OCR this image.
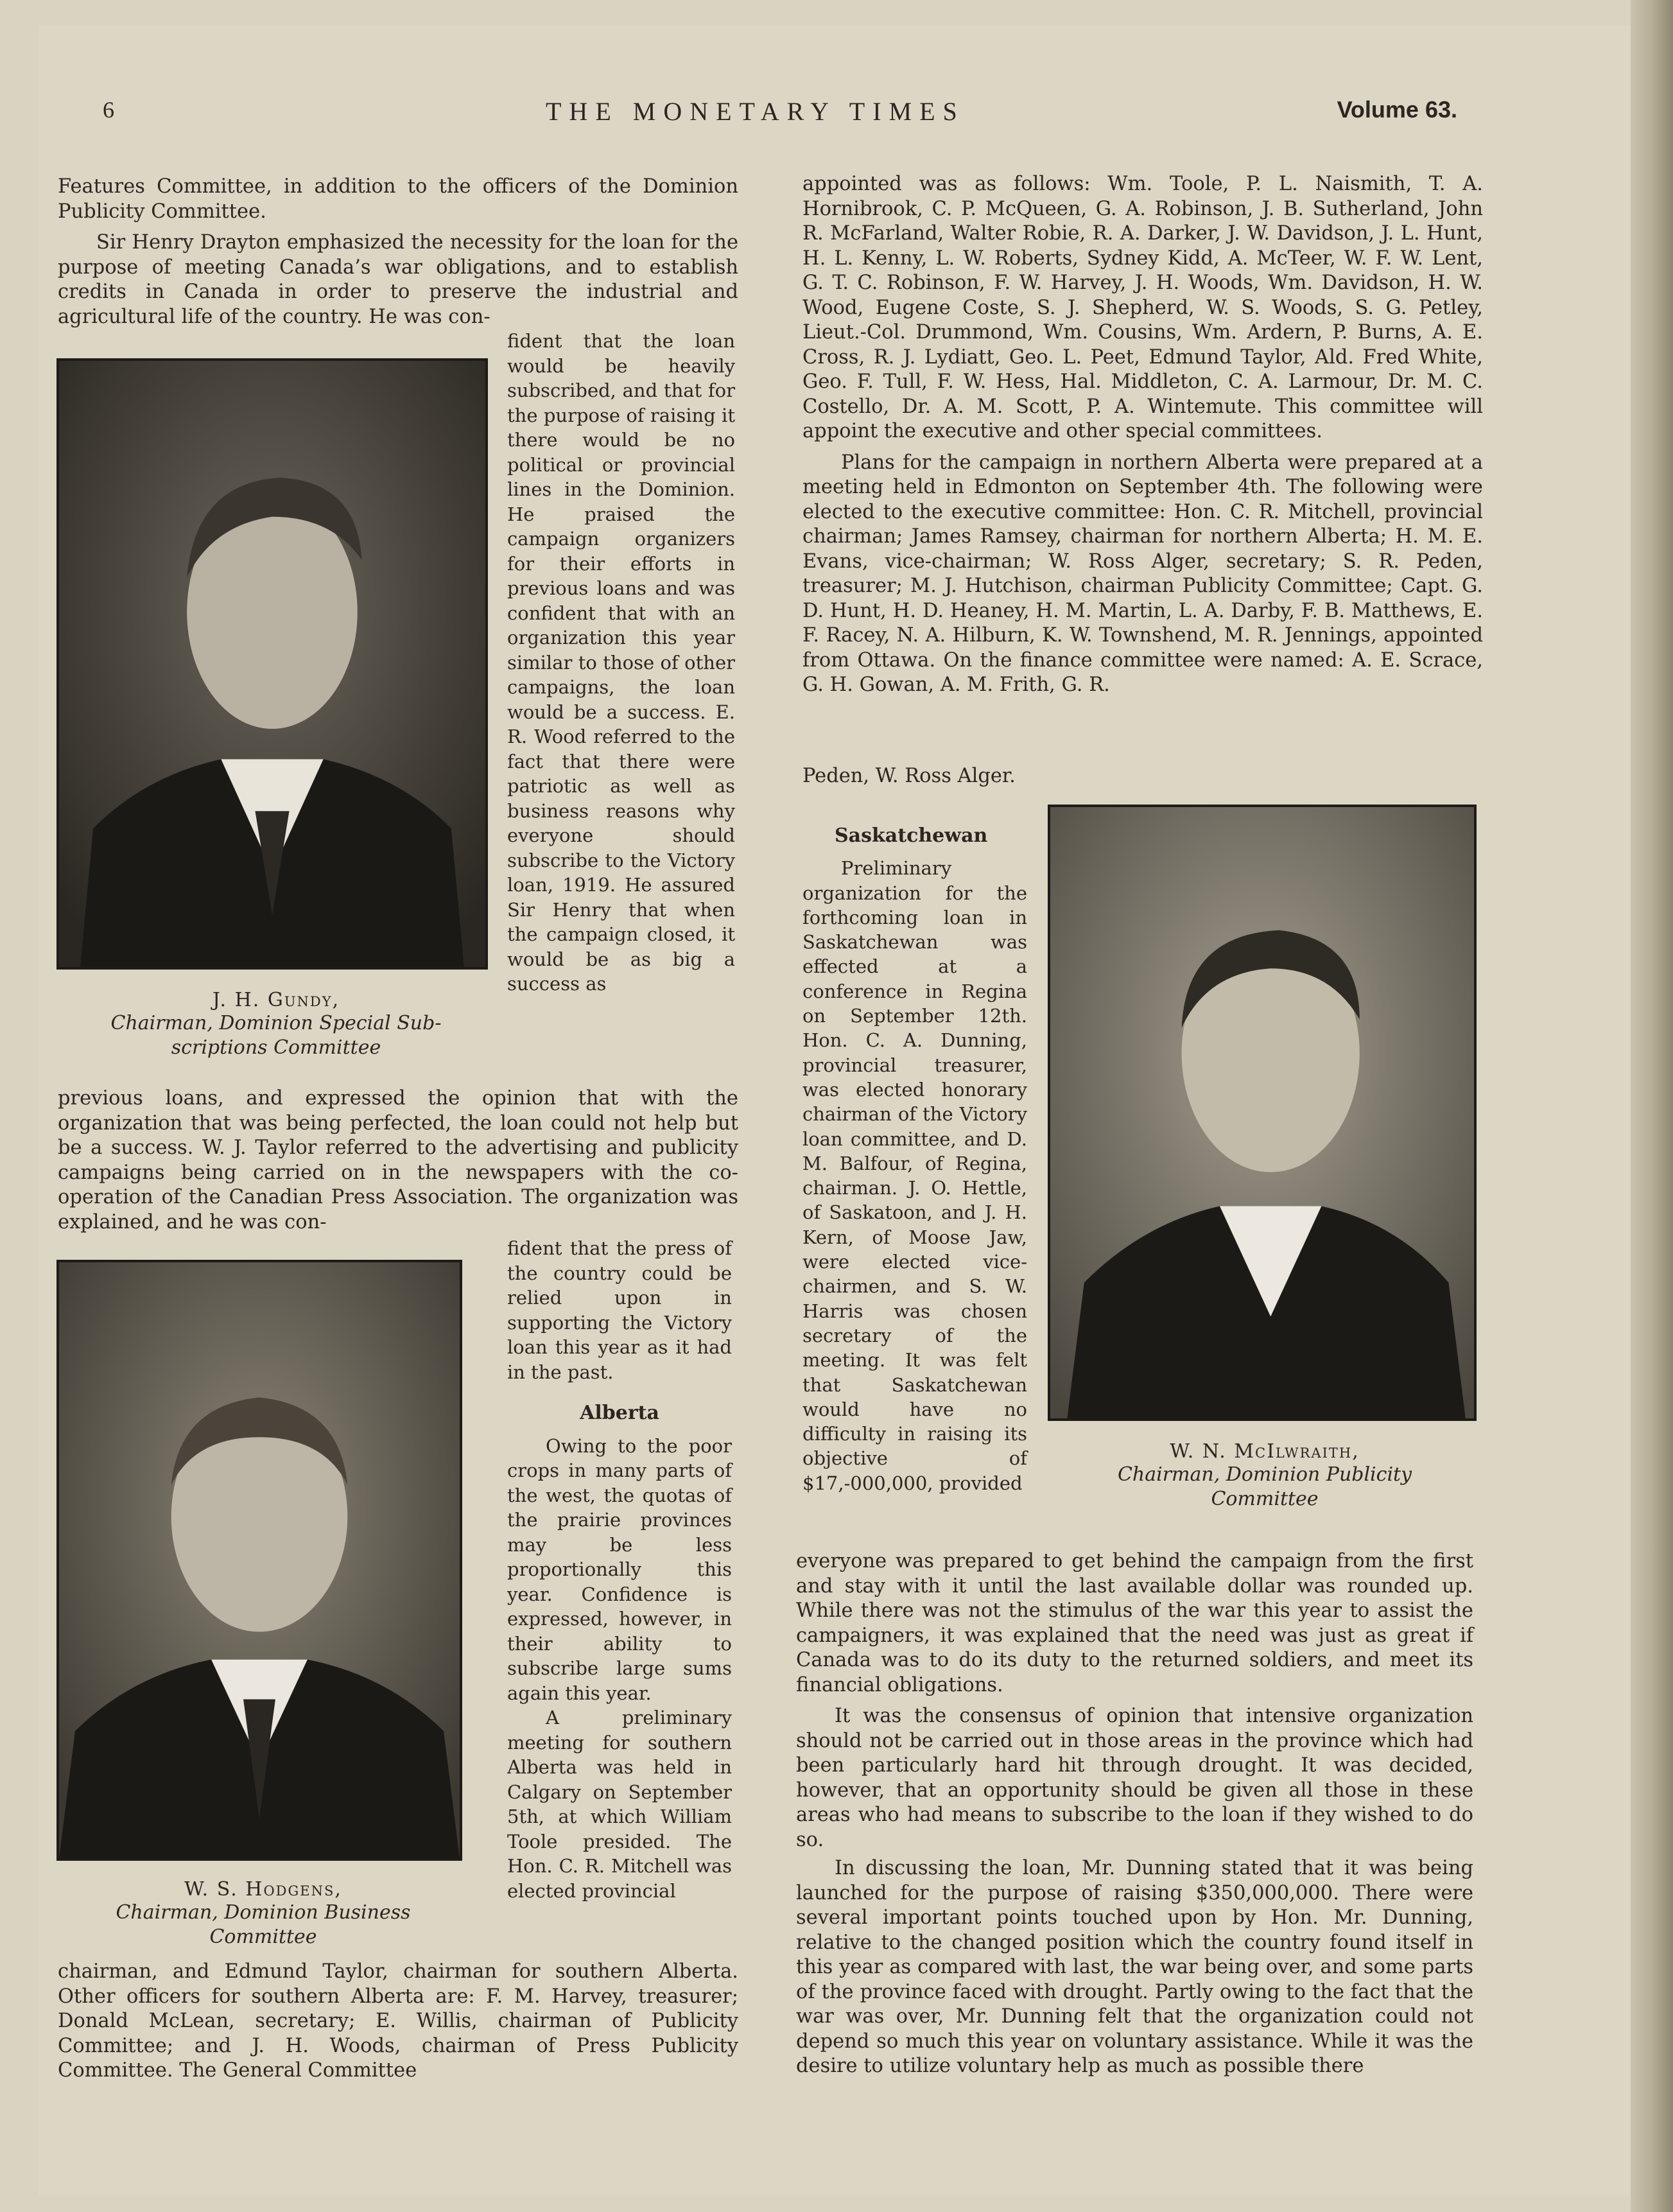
6	THE MONETARY TIMES	Volume 63.

Features Committee, in addition to the officers of the Dominion Publicity Committee.

Sir Henry Drayton emphasized the necessity for the loan for the purpose of meeting Canada’s war obligations, and to establish credits in Canada in order to preserve the industrial and agricultural life of the country. He was con-

J. H. Gundy,
Chairman, Dominion Special Sub-scriptions Committee

fident that the loan would be heavily subscribed, and that for the purpose of raising it there would be no political or provincial lines in the Dominion. He praised the campaign organizers for their efforts in previous loans and was confident that with an organization this year similar to those of other campaigns, the loan would be a success. E. R. Wood referred to the fact that there were patriotic as well as business reasons why everyone should subscribe to the Victory loan, 1919. He assured Sir Henry that when the campaign closed, it would be as big a success as

previous loans, and expressed the opinion that with the organization that was being perfected, the loan could not help but be a success. W. J. Taylor referred to the advertising and publicity campaigns being carried on in the newspapers with the co-operation of the Canadian Press Association. The organization was explained, and he was con-

W. S. Hodgens,
Chairman, Dominion Business Committee

fident that the press of the country could be relied upon in supporting the Victory loan this year as it had in the past.

Alberta

Owing to the poor crops in many parts of the west, the quotas of the prairie provinces may be less proportionally this year. Confidence is expressed, however, in their ability to subscribe large sums again this year.

A preliminary meeting for southern Alberta was held in Calgary on September 5th, at which William Toole presided. The Hon. C. R. Mitchell was elected provincial

chairman, and Edmund Taylor, chairman for southern Alberta. Other officers for southern Alberta are: F. M. Harvey, treasurer; Donald McLean, secretary; E. Willis, chairman of Publicity Committee; and J. H. Woods, chairman of Press Publicity Committee. The General Committee

appointed was as follows: Wm. Toole, P. L. Naismith, T. A. Hornibrook, C. P. McQueen, G. A. Robinson, J. B. Sutherland, John R. McFarland, Walter Robie, R. A. Darker, J. W. Davidson, J. L. Hunt, H. L. Kenny, L. W. Roberts, Sydney Kidd, A. McTeer, W. F. W. Lent, G. T. C. Robinson, F. W. Harvey, J. H. Woods, Wm. Davidson, H. W. Wood, Eugene Coste, S. J. Shepherd, W. S. Woods, S. G. Petley, Lieut.-Col. Drummond, Wm. Cousins, Wm. Ardern, P. Burns, A. E. Cross, R. J. Lydiatt, Geo. L. Peet, Edmund Taylor, Ald. Fred White, Geo. F. Tull, F. W. Hess, Hal. Middleton, C. A. Larmour, Dr. M. C. Costello, Dr. A. M. Scott, P. A. Wintemute. This committee will appoint the executive and other special committees.

Plans for the campaign in northern Alberta were prepared at a meeting held in Edmonton on September 4th. The following were elected to the executive committee: Hon. C. R. Mitchell, provincial chairman; James Ramsey, chairman for northern Alberta; H. M. E. Evans, vice-chairman; W. Ross Alger, secretary; S. R. Peden, treasurer; M. J. Hutchison, chairman Publicity Committee; Capt. G. D. Hunt, H. D. Heaney, H. M. Martin, L. A. Darby, F. B. Matthews, E. F. Racey, N. A. Hilburn, K. W. Townshend, M. R. Jennings, appointed from Ottawa. On the finance committee were named: A. E. Scrace, G. H. Gowan, A. M. Frith, G. R.

Peden, W. Ross Alger.

W. N. McIlwraith,
Chairman, Dominion Publicity Committee

Saskatchewan

Preliminary organization for the forthcoming loan in Saskatchewan was effected at a conference in Regina on September 12th. Hon. C. A. Dunning, provincial treasurer, was elected honorary chairman of the Victory loan committee, and D. M. Balfour, of Regina, chairman. J. O. Hettle, of Saskatoon, and J. H. Kern, of Moose Jaw, were elected vice-chairmen, and S. W. Harris was chosen secretary of the meeting. It was felt that Saskatchewan would have no difficulty in raising its objective of $17,-000,000, provided

everyone was prepared to get behind the campaign from the first and stay with it until the last available dollar was rounded up. While there was not the stimulus of the war this year to assist the campaigners, it was explained that the need was just as great if Canada was to do its duty to the returned soldiers, and meet its financial obligations.

It was the consensus of opinion that intensive organization should not be carried out in those areas in the province which had been particularly hard hit through drought. It was decided, however, that an opportunity should be given all those in these areas who had means to subscribe to the loan if they wished to do so.

In discussing the loan, Mr. Dunning stated that it was being launched for the purpose of raising $350,000,000. There were several important points touched upon by Hon. Mr. Dunning, relative to the changed position which the country found itself in this year as compared with last, the war being over, and some parts of the province faced with drought. Partly owing to the fact that the war was over, Mr. Dunning felt that the organization could not depend so much this year on voluntary assistance. While it was the desire to utilize voluntary help as much as possible there
